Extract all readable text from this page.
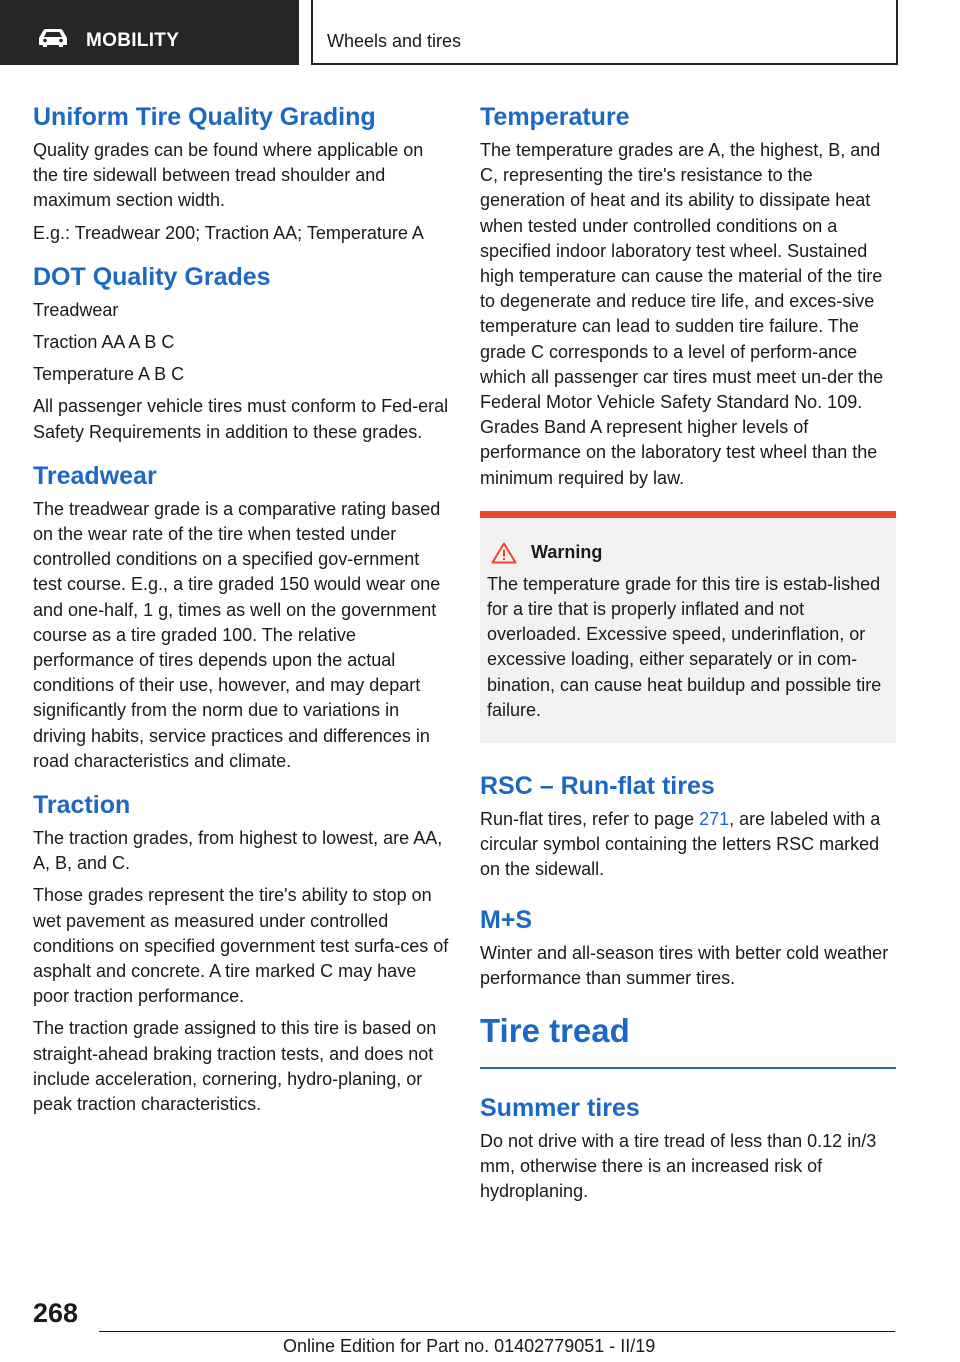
MOBILITY	Wheels and tires
Uniform Tire Quality Grading

Quality grades can be found where applicable on the tire sidewall between tread shoulder and maximum section width.

E.g.: Treadwear 200; Traction AA; Temperature A

DOT Quality Grades

Treadwear

Traction AA A B C

Temperature A B C

All passenger vehicle tires must conform to Fed‐eral Safety Requirements in addition to these grades.

Treadwear

The treadwear grade is a comparative rating based on the wear rate of the tire when tested under controlled conditions on a specified gov‐ernment test course. E.g., a tire graded 150 would wear one and one-half, 1 g, times as well on the government course as a tire graded 100. The relative performance of tires depends upon the actual conditions of their use, however, and may depart significantly from the norm due to variations in driving habits, service practices and differences in road characteristics and climate.

Traction

The traction grades, from highest to lowest, are AA, A, B, and C.

Those grades represent the tire's ability to stop on wet pavement as measured under controlled conditions on specified government test surfa‐ces of asphalt and concrete. A tire marked C may have poor traction performance.

The traction grade assigned to this tire is based on straight-ahead braking traction tests, and does not include acceleration, cornering, hydro‐planing, or peak traction characteristics.

Temperature

The temperature grades are A, the highest, B, and C, representing the tire's resistance to the generation of heat and its ability to dissipate heat when tested under controlled conditions on a specified indoor laboratory test wheel. Sustained high temperature can cause the material of the tire to degenerate and reduce tire life, and exces‐sive temperature can lead to sudden tire failure. The grade C corresponds to a level of perform‐ance which all passenger car tires must meet un‐der the Federal Motor Vehicle Safety Standard No. 109. Grades Band A represent higher levels of performance on the laboratory test wheel than the minimum required by law.

Warning

The temperature grade for this tire is estab‐lished for a tire that is properly inflated and not overloaded. Excessive speed, underinflation, or excessive loading, either separately or in com‐bination, can cause heat buildup and possible tire failure.

RSC – Run-flat tires

Run-flat tires, refer to page 271, are labeled with a circular symbol containing the letters RSC marked on the sidewall.

M+S

Winter and all-season tires with better cold weather performance than summer tires.

Tire tread
Summer tires

Do not drive with a tire tread of less than 0.12 in/3 mm, otherwise there is an increased risk of hydroplaning.

268
Online Edition for Part no. 01402779051 - II/19
